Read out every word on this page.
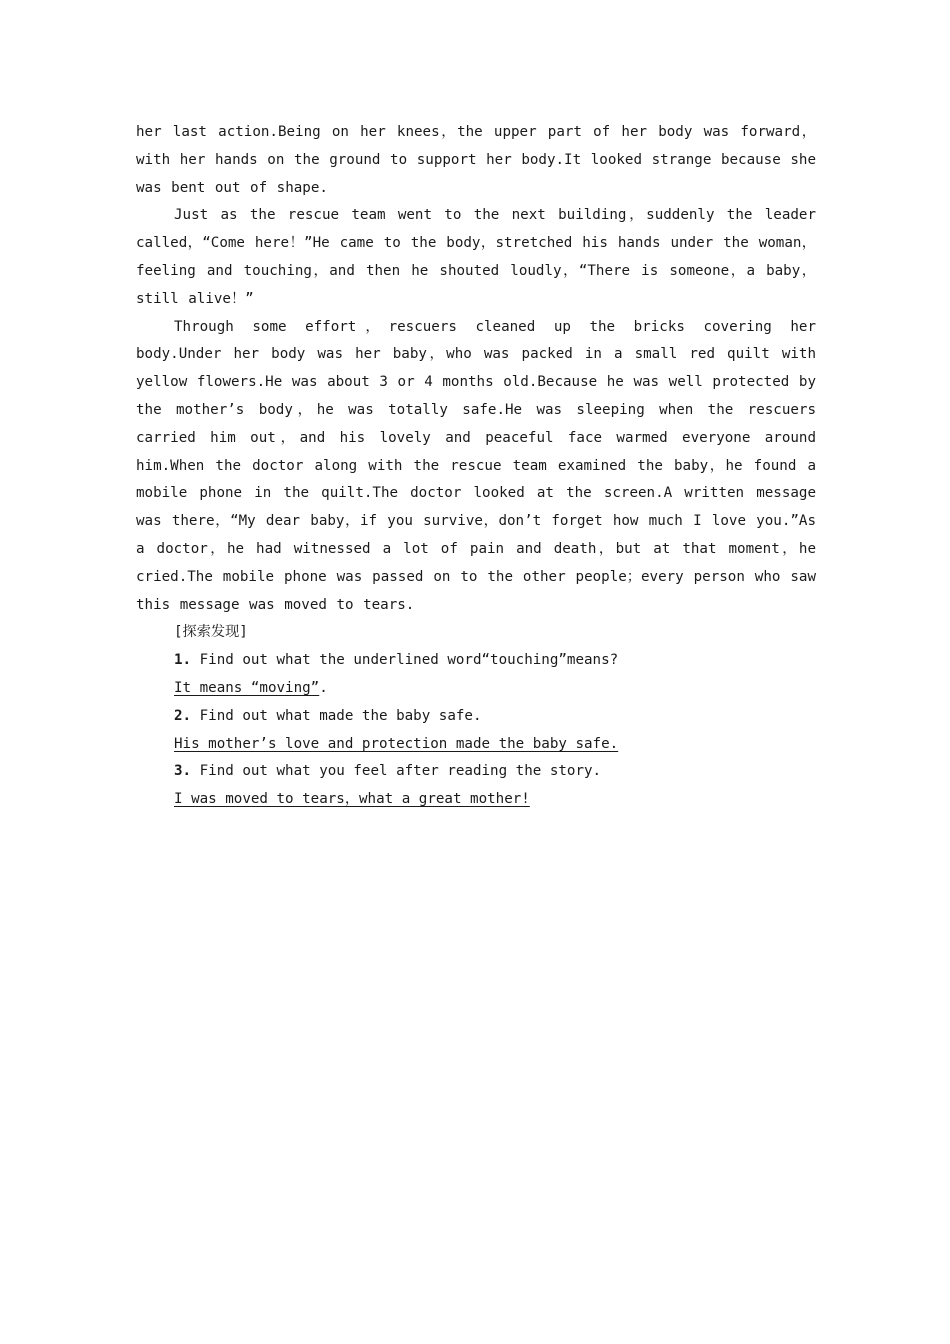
her last action.Being on her knees，the upper part of her body was forward，with her hands on the ground to support her body.It looked strange because she was bent out of shape.

Just as the rescue team went to the next building，suddenly the leader called，“Come here！”He came to the body，stretched his hands under the woman，feeling and touching，and then he shouted loudly，“There is someone，a baby，still alive！”

Through some effort，rescuers cleaned up the bricks covering her body.Under her body was her baby，who was packed in a small red quilt with yellow flowers.He was about 3 or 4 months old.Because he was well protected by the mother’s body，he was totally safe.He was sleeping when the rescuers carried him out，and his lovely and peaceful face warmed everyone around him.When the doctor along with the rescue team examined the baby，he found a mobile phone in the quilt.The doctor looked at the screen.A written message was there，“My dear baby，if you survive，don’t forget how much I love you.”As a doctor，he had witnessed a lot of pain and death，but at that moment，he cried.The mobile phone was passed on to the other people；every person who saw this message was moved to tears.

[探索发现]

1. Find out what the underlined word“touching”means?

It means “moving”.

2. Find out what made the baby safe.

His mother’s love and protection made the baby safe.

3. Find out what you feel after reading the story.

I was moved to tears，what a great mother!
